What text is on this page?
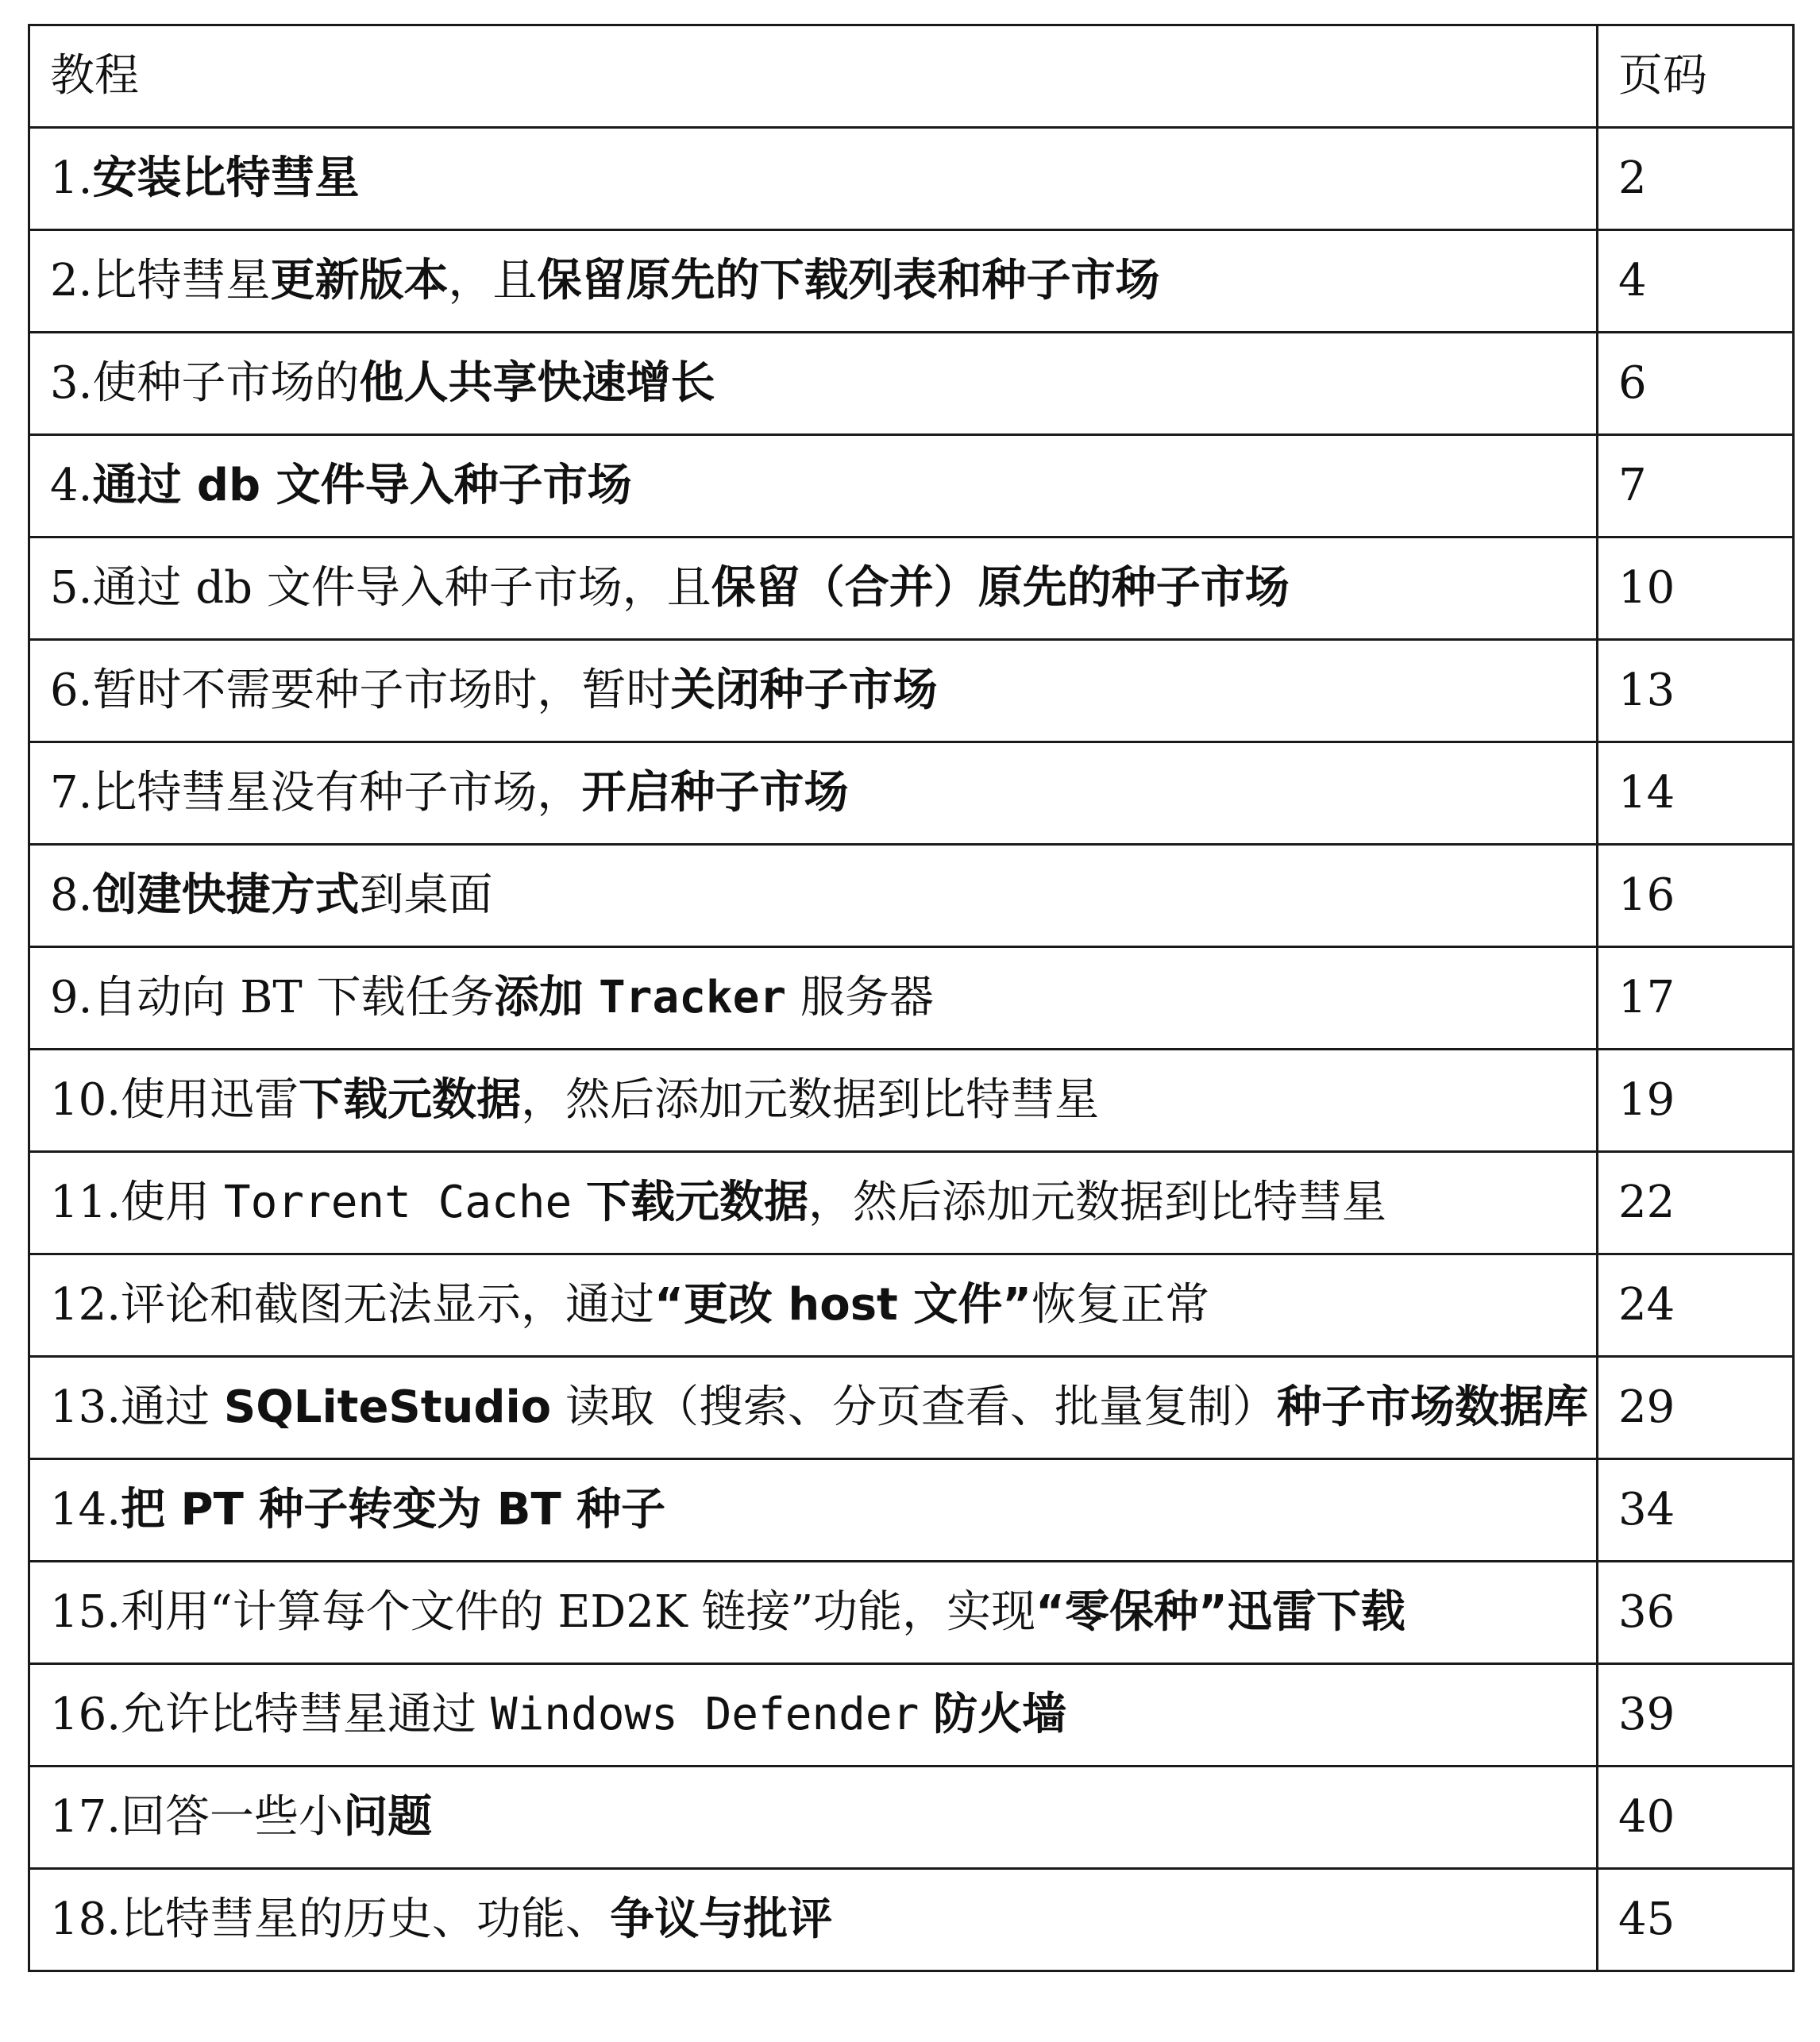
教程	页码
1.安装比特彗星	2
2.比特彗星更新版本，且保留原先的下载列表和种子市场	4
3.使种子市场的他人共享快速增长	6
4.通过 db 文件导入种子市场	7
5.通过 db 文件导入种子市场，且保留（合并）原先的种子市场	10
6.暂时不需要种子市场时，暂时关闭种子市场	13
7.比特彗星没有种子市场，开启种子市场	14
8.创建快捷方式到桌面	16
9.自动向 BT 下载任务添加 Tracker 服务器	17
10.使用迅雷下载元数据，然后添加元数据到比特彗星	19
11.使用 Torrent Cache 下载元数据，然后添加元数据到比特彗星	22
12.评论和截图无法显示，通过“更改 host 文件”恢复正常	24
13.通过 SQLiteStudio 读取（搜索、分页查看、批量复制）种子市场数据库	29
14.把 PT 种子转变为 BT 种子	34
15.利用“计算每个文件的 ED2K 链接”功能，实现“零保种”迅雷下载	36
16.允许比特彗星通过 Windows Defender 防火墙	39
17.回答一些小问题	40
18.比特彗星的历史、功能、争议与批评	45
